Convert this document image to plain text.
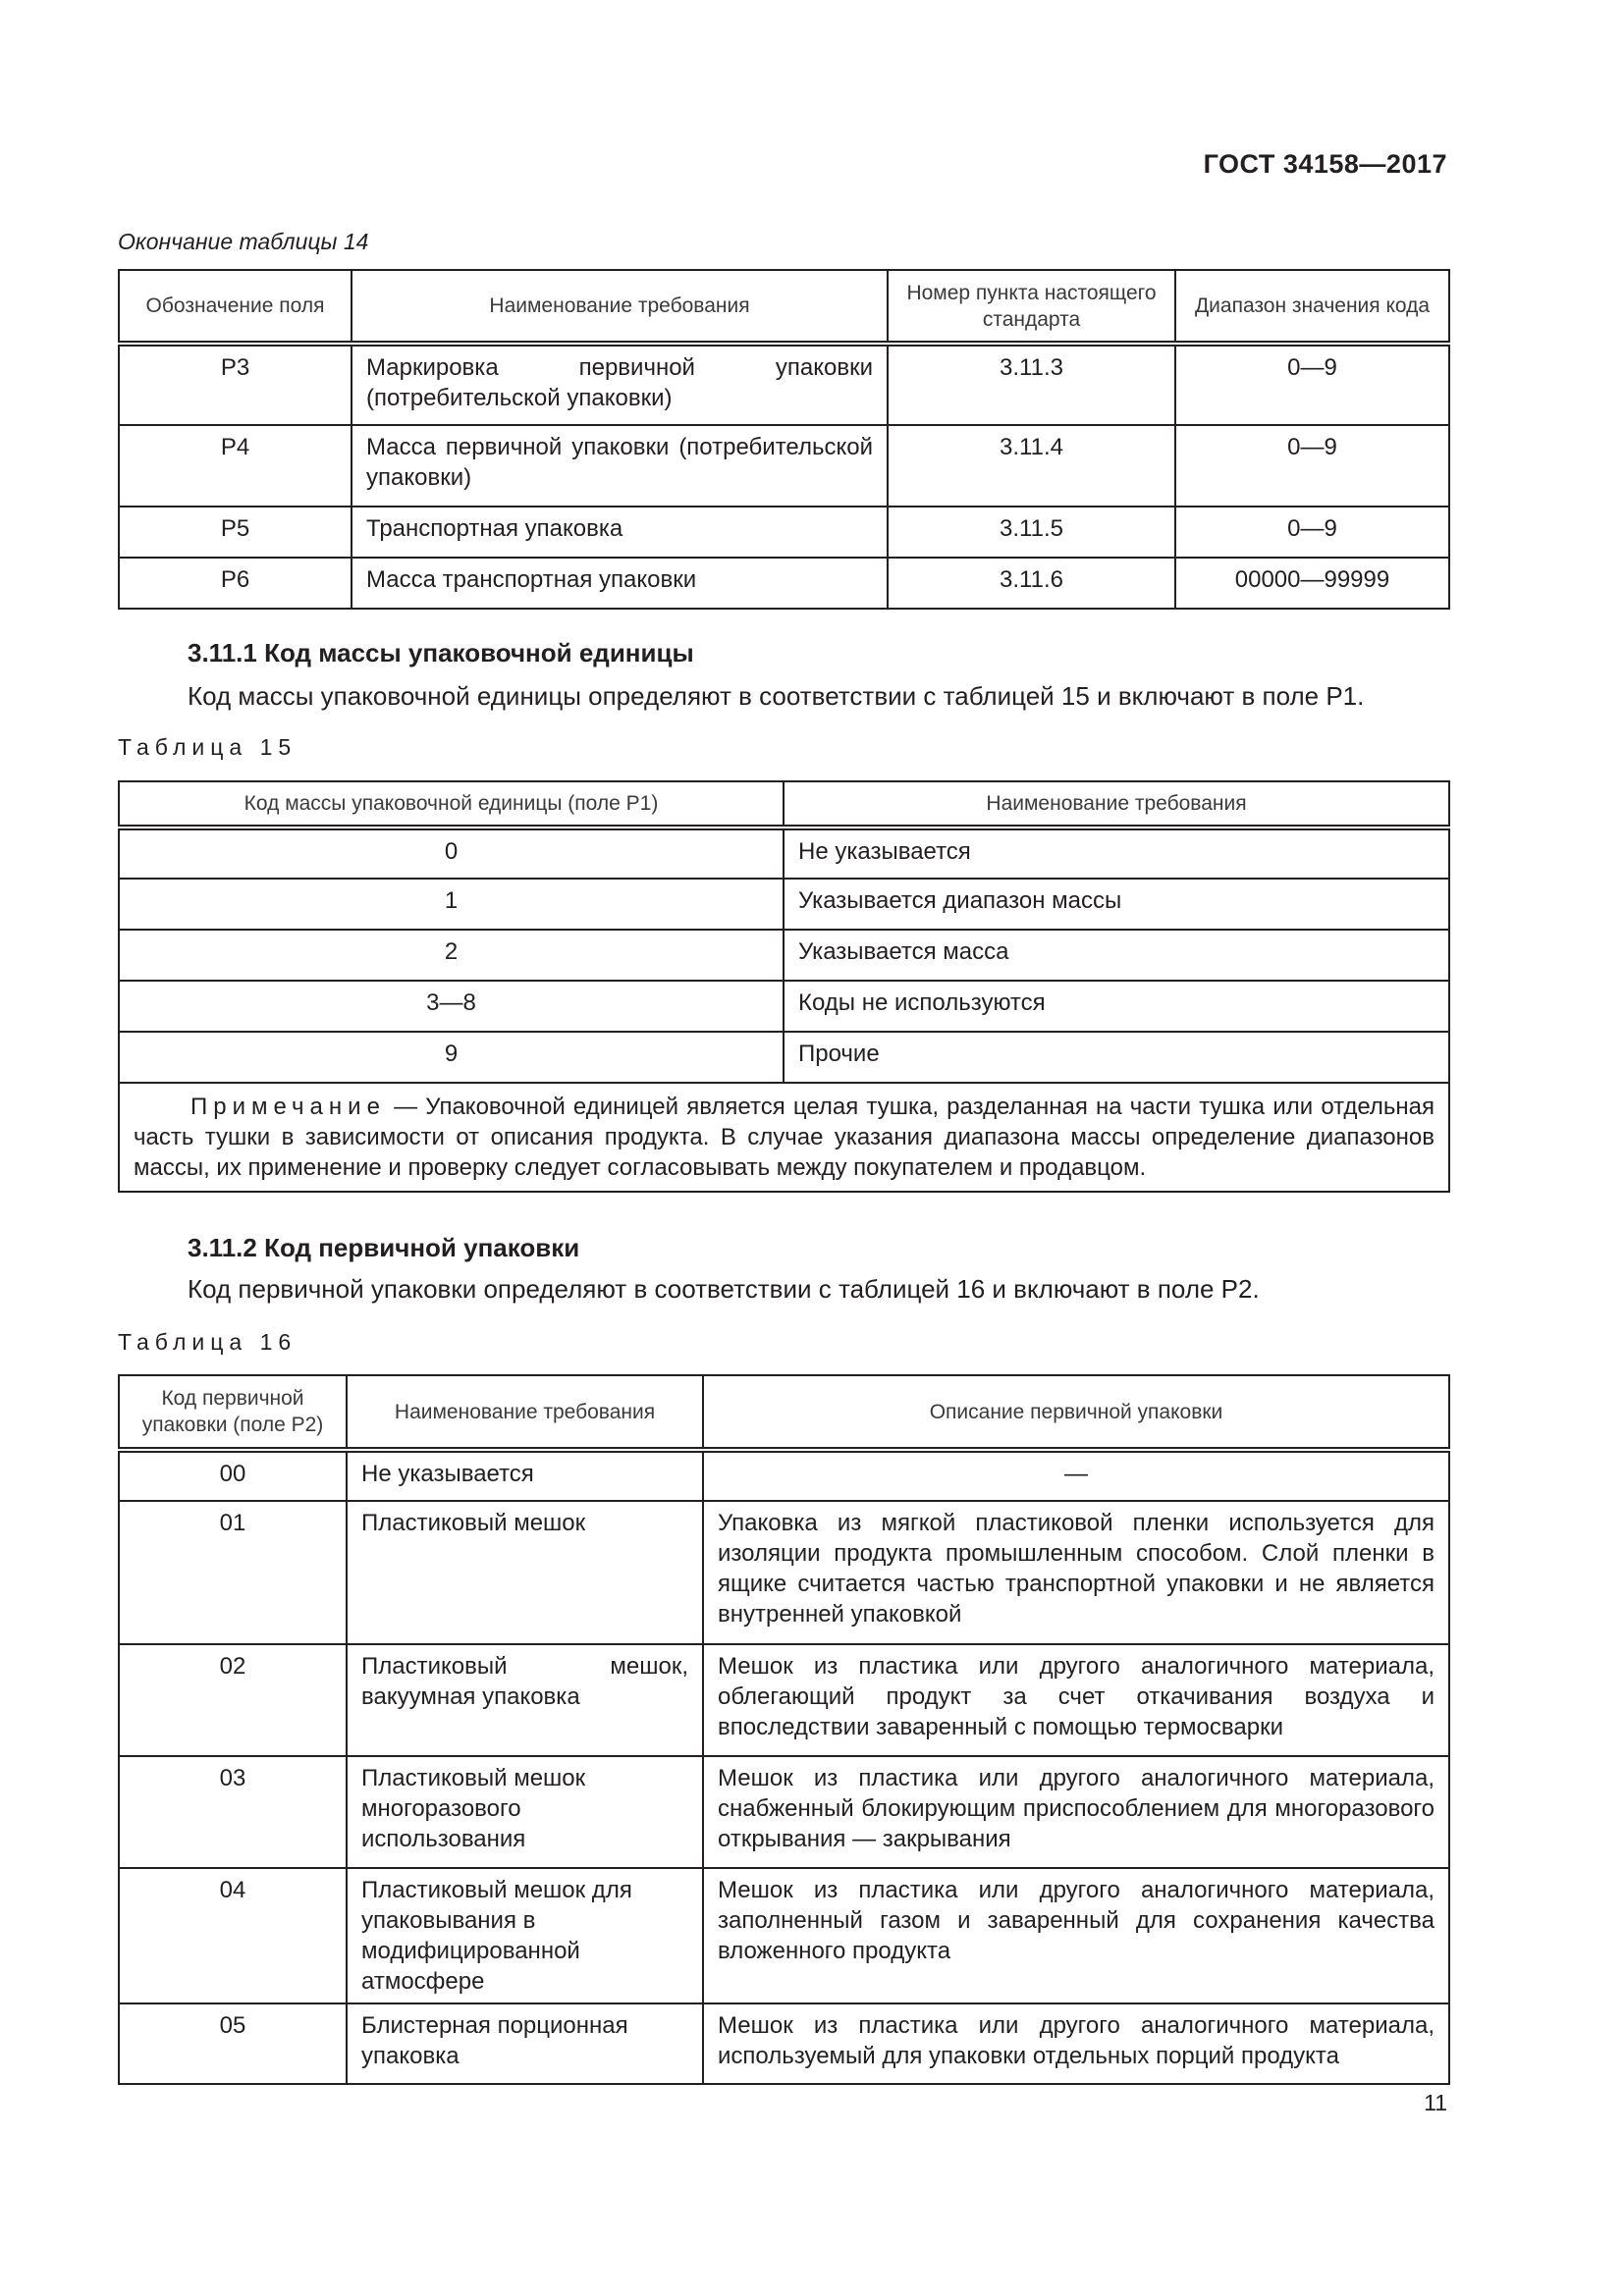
ГОСТ 34158—2017
Окончание таблицы 14
Обозначение поля	Наименование требования	Номер пункта настоящего стандарта	Диапазон значения кода
P3	Маркировка первичной упаковки (потребительской упаковки)	3.11.3	0—9
P4	Масса первичной упаковки (потребительской упаковки)	3.11.4	0—9
P5	Транспортная упаковка	3.11.5	0—9
P6	Масса транспортная упаковки	3.11.6	00000—99999
3.11.1 Код массы упаковочной единицы
Код массы упаковочной единицы определяют в соответствии с таблицей 15 и включают в поле P1.
Таблица 15
Код массы упаковочной единицы (поле P1)	Наименование требования
0	Не указывается
1	Указывается диапазон массы
2	Указывается масса
3—8	Коды не используются
9	Прочие
Примечание — Упаковочной единицей является целая тушка, разделанная на части тушка или отдельная часть тушки в зависимости от описания продукта. В случае указания диапазона массы определение диапазонов массы, их применение и проверку следует согласовывать между покупателем и продавцом.	
3.11.2 Код первичной упаковки
Код первичной упаковки определяют в соответствии с таблицей 16 и включают в поле P2.
Таблица 16
Код первичной упаковки (поле P2)	Наименование требования	Описание первичной упаковки
00	Не указывается	—
01	Пластиковый мешок	Упаковка из мягкой пластиковой пленки используется для изоляции продукта промышленным способом. Слой пленки в ящике считается частью транспортной упаковки и не является внутренней упаковкой
02	Пластиковый мешок, вакуумная упаковка	Мешок из пластика или другого аналогичного материала, облегающий продукт за счет откачивания воздуха и впоследствии заваренный с помощью термосварки
03	Пластиковый мешок многоразового использования	Мешок из пластика или другого аналогичного материала, снабженный блокирующим приспособлением для многоразового открывания — закрывания
04	Пластиковый мешок для упаковывания в модифицированной атмосфере	Мешок из пластика или другого аналогичного материала, заполненный газом и заваренный для сохранения качества вложенного продукта
05	Блистерная порционная упаковка	Мешок из пластика или другого аналогичного материала, используемый для упаковки отдельных порций продукта
11
